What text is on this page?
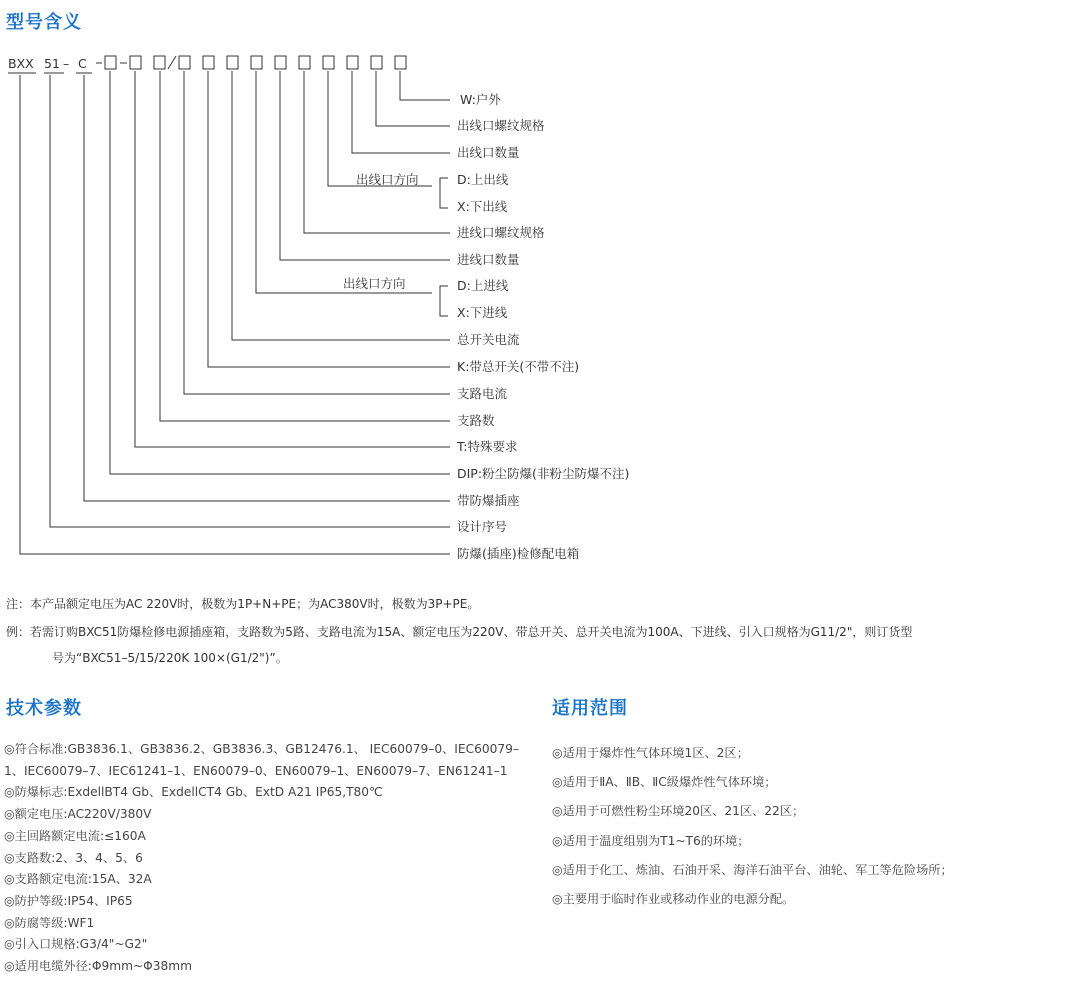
型号含义
BXX 51 – C
W:户外
出线口螺纹规格
出线口数量
出线口方向	D:上出线
X:下出线
进线口螺纹规格
进线口数量
出线口方向	D:上进线
X:下进线
总开关电流
K:带总开关(不带不注)
支路电流
支路数
T:特殊要求
DIP:粉尘防爆(非粉尘防爆不注)
带防爆插座
设计序号
防爆(插座)检修配电箱
注：本产品额定电压为AC 220V时，极数为1P+N+PE；为AC380V时，极数为3P+PE。
例：若需订购BXC51防爆检修电源插座箱，支路数为5路、支路电流为15A、额定电压为220V、带总开关、总开关电流为100A、下进线、引入口规格为G11/2"，则订货型
号为“BXC51–5/15/220K 100×(G1/2")”。
技术参数
◎符合标准:GB3836.1、GB3836.2、GB3836.3、GB12476.1、 IEC60079–0、IEC60079–1、IEC60079–7、IEC61241–1、EN60079–0、EN60079–1、EN60079–7、EN61241–1
◎防爆标志:ExdellBT4 Gb、ExdellCT4 Gb、ExtD A21 IP65,T80℃
◎额定电压:AC220V/380V
◎主回路额定电流:≤160A
◎支路数:2、3、4、5、6
◎支路额定电流:15A、32A
◎防护等级:IP54、IP65
◎防腐等级:WF1
◎引入口规格:G3/4"~G2"
◎适用电缆外径:Φ9mm~Φ38mm
适用范围
◎适用于爆炸性气体环境1区、2区；
◎适用于ⅡA、ⅡB、ⅡC级爆炸性气体环境；
◎适用于可燃性粉尘环境20区、21区、22区；
◎适用于温度组别为T1~T6的环境；
◎适用于化工、炼油、石油开采、海洋石油平台、油轮、军工等危险场所；
◎主要用于临时作业或移动作业的电源分配。
